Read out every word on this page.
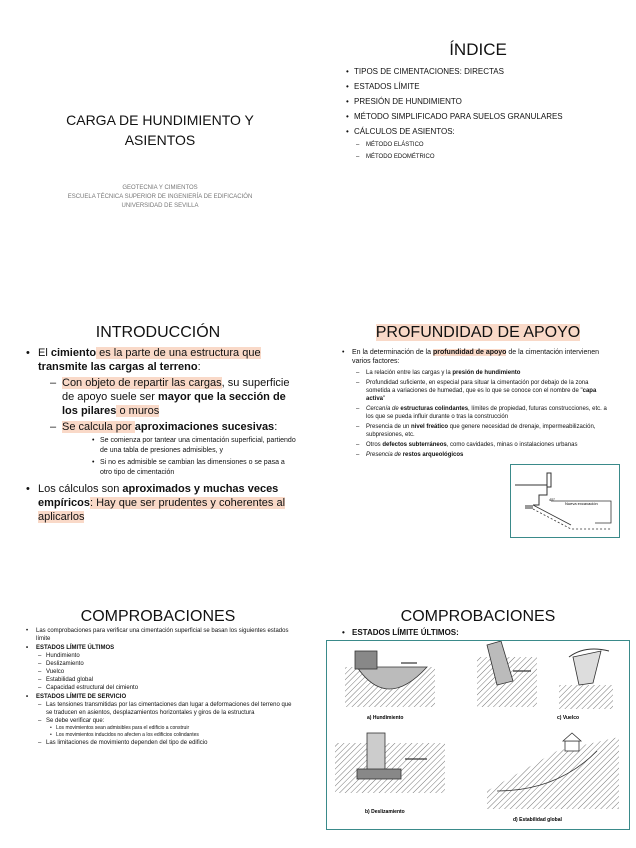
CARGA DE HUNDIMIENTO Y ASIENTOS
GEOTECNIA Y CIMIENTOS
ESCUELA TÉCNICA SUPERIOR DE INGENIERÍA DE EDIFICACIÓN
UNIVERSIDAD DE SEVILLA
ÍNDICE
• TIPOS DE CIMENTACIONES: DIRECTAS
• ESTADOS LÍMITE
• PRESIÓN DE HUNDIMIENTO
• MÉTODO SIMPLIFICADO PARA SUELOS GRANULARES
• CÁLCULOS DE ASIENTOS:
– MÉTODO ELÁSTICO
– MÉTODO EDOMÉTRICO
INTRODUCCIÓN
• El cimiento es la parte de una estructura que transmite las cargas al terreno:
– Con objeto de repartir las cargas, su superficie de apoyo suele ser mayor que la sección de los pilares o muros
– Se calcula por aproximaciones sucesivas:
• Se comienza por tantear una cimentación superficial, partiendo de una tabla de presiones admisibles, y
• Si no es admisible se cambian las dimensiones o se pasa a otro tipo de cimentación
• Los cálculos son aproximados y muchas veces empíricos: Hay que ser prudentes y coherentes al aplicarlos
PROFUNDIDAD DE APOYO
• En la determinación de la profundidad de apoyo de la cimentación intervienen varios factores:
– La relación entre las cargas y la presión de hundimiento
– Profundidad suficiente, en especial para situar la cimentación por debajo de la zona sometida a variaciones de humedad, que es lo que se conoce con el nombre de "capa activa"
– Cercanía de estructuras colindantes, límites de propiedad, futuras construcciones, etc. a los que se pueda influir durante o tras la construcción
– Presencia de un nivel freático que genere necesidad de drenaje, impermeabilización, subpresiones, etc.
– Otros defectos subterráneos, como cavidades, minas o instalaciones urbanas
– Presencia de restos arqueológicos
45°
Nueva excavación
COMPROBACIONES
• Las comprobaciones para verificar una cimentación superficial se basan los siguientes estados límite
• ESTADOS LÍMITE ÚLTIMOS
– Hundimiento
– Deslizamiento
– Vuelco
– Estabilidad global
– Capacidad estructural del cimiento
• ESTADOS LÍMITE DE SERVICIO
– Las tensiones transmitidas por las cimentaciones dan lugar a deformaciones del terreno que se traducen en asientos, desplazamientos horizontales y giros de la estructura
– Se debe verificar que:
• Los movimientos sean admisibles para el edificio a construir
• Los movimientos inducidos no afecten a los edificios colindantes
– Las limitaciones de movimiento dependen del tipo de edificio
COMPROBACIONES
• ESTADOS LÍMITE ÚLTIMOS:
a) Hundimiento	c) Vuelco
b) Deslizamiento
d) Estabilidad global
